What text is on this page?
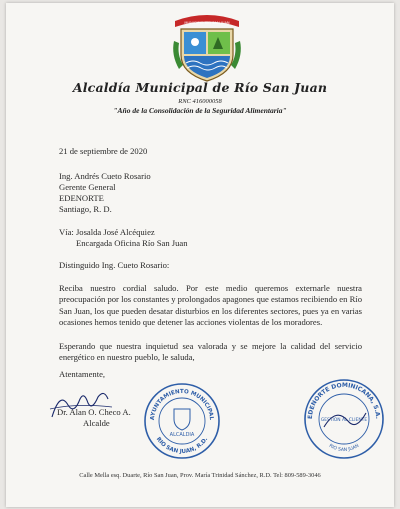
MUNICIPIO RIO SAN JUAN
Alcaldía Municipal de Río San Juan
RNC 416000058
"Año de la Consolidación de la Seguridad Alimentaria"
21 de septiembre de 2020
Ing. Andrés Cueto Rosario
Gerente General
EDENORTE
Santiago, R. D.
Vía: Josalda José Alcéquiez
Encargada Oficina Río San Juan
Distinguido Ing. Cueto Rosario:
Reciba nuestro cordial saludo. Por este medio queremos externarle nuestra preocupación por los constantes y prolongados apagones que estamos recibiendo en Río San Juan, los que pueden desatar disturbios en los diferentes sectores, pues ya en varias ocasiones hemos tenido que detener las acciones violentas de los moradores.
Esperando que nuestra inquietud sea valorada y se mejore la calidad del servicio energético en nuestro pueblo, le saluda,
Atentamente,
Dr. Alan O. Checo A.
Alcalde	AYUNTAMIENTO MUNICIPAL
RIO SAN JUAN, R.D.
ALCALDIA
EDENORTE DOMINICANA, S.A.
GESTION AL CLIENTE
RIO SAN JUAN
Calle Mella esq. Duarte, Río San Juan, Prov. María Trinidad Sánchez, R.D. Tel: 809-589-3046
